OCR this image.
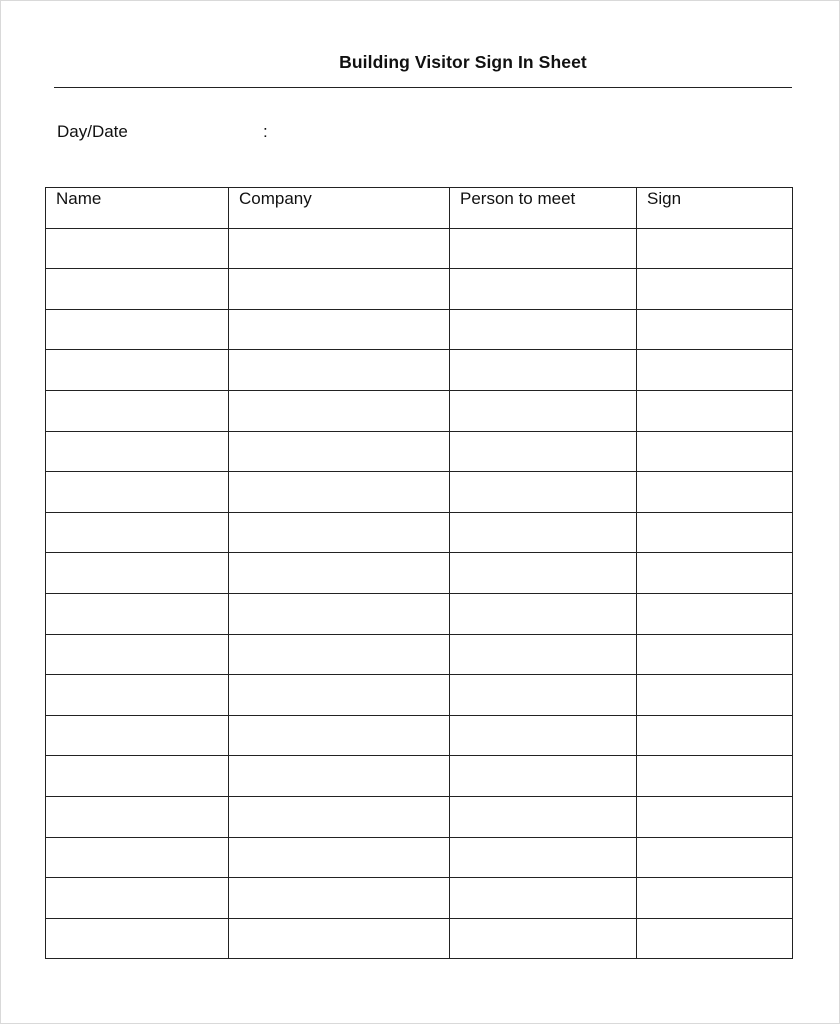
Building Visitor Sign In Sheet
Day/Date	:
Name	Company	Person to meet	Sign
